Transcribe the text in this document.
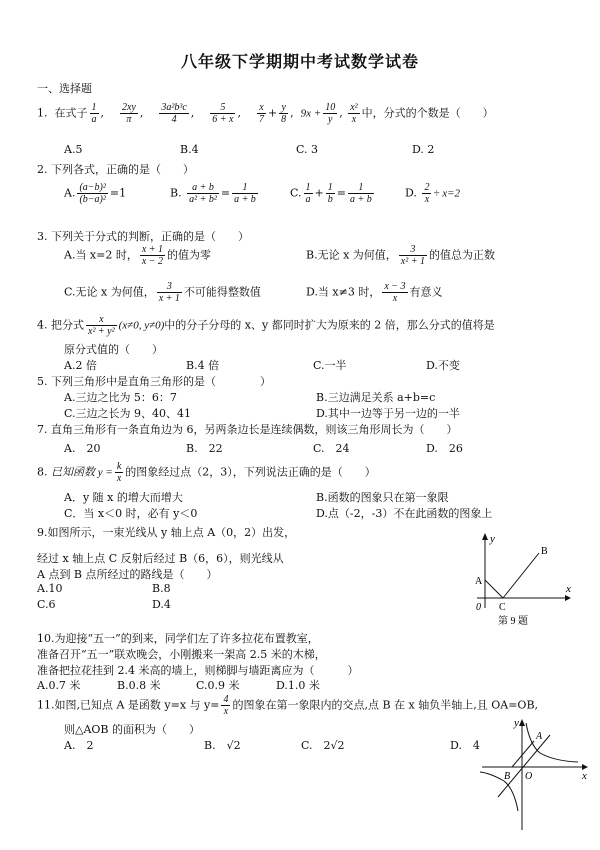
八年级下学期期中考试数学试卷
一、选择题
1. 在式子 $\frac{1}{a}$ , $\frac{2xy}{\pi}$ , $\frac{\text{3a²b³c}}{4}$ , $\frac{5}{6 + x}$ , $\frac{x}{7} + \frac{y}{8}$ ,  $9x + \frac{10}{y}$ , $\frac{\text{x²}}{x}$ 中，分式的个数是（　　）
A.5	B.4	C. 3	D. 2
2. 下列各式，正确的是（　　）
A. $\frac{\text{(a−b)²}}{\text{(b−a)²}} =1$	B. $\frac{a + b}{\text{a² + b²}} = \frac{1}{a + b}$	C. $\frac{1}{a} + \frac{1}{b} = \frac{1}{a + b}$	D. $\frac{2}{x} \div x=2$
3. 下列关于分式的判断，正确的是（　　）
A.当 x=2 时， $\frac{x + 1}{x - 2}$ 的值为零	B.无论 x 为何值， $\frac{3}{\text{x² + 1}}$ 的值总为正数
C.无论 x 为何值， $\frac{3}{x + 1}$ 不可能得整数值	D.当 x≠3 时， $\frac{x - 3}{x}$ 有意义
4. 把分式 $\frac{x}{\text{x² + y²}} (x\ne 0$, y≠0)中的分子分母的 x、y 都同时扩大为原来的 2 倍，那么分式的值将是
原分式值的（　　）
A.2 倍	B.4 倍	C.一半	D.不变
5. 下列三角形中是直角三角形的是（　　　　）
A.三边之比为 5：6：7	B.三边满足关系 a+b=c
C.三边之长为 9、40、41	D.其中一边等于另一边的一半
7. 直角三角形有一条直角边为 6，另两条边长是连续偶数，则该三角形周长为（　　）
A.　20	B.　22	C.　24	D.　26
8. 已知函数 $y = \frac{k}{x}$ 的图象经过点（2，3），下列说法正确的是（　　）
A．y 随 x 的增大而增大	B.函数的图象只在第一象限
C．当 x＜0 时，必有 y＜0	D.点（-2，-3）不在此函数的图象上
9.如图所示，一束光线从 y 轴上点 A（0，2）出发，
经过 x 轴上点 C 反射后经过 B（6，6），则光线从
A 点到 B 点所经过的路线是（　　）
A.10	B.8
C.6	D.4
y
x
A
B
C
0
第 9 题
10.为迎接“五一”的到来，同学们左了许多拉花布置教室，
准备召开“五一”联欢晚会，小刚搬来一架高 2.5 米的木梯，
准备把拉花挂到 2.4 米高的墙上，则梯脚与墙距离应为（　　　）
A.0.7 米	B.0.8 米	C.0.9 米	D.1.0 米
11.如图,已知点 A 是函数 y=x 与 $y= \frac{4}{x}$ 的图象在第一象限内的交点,点 B 在 x 轴负半轴上,且 OA=OB,
则△AOB 的面积为（　　）
A.　2	B.　√2	C.　2√2	D.　4
y
x
A
B O
